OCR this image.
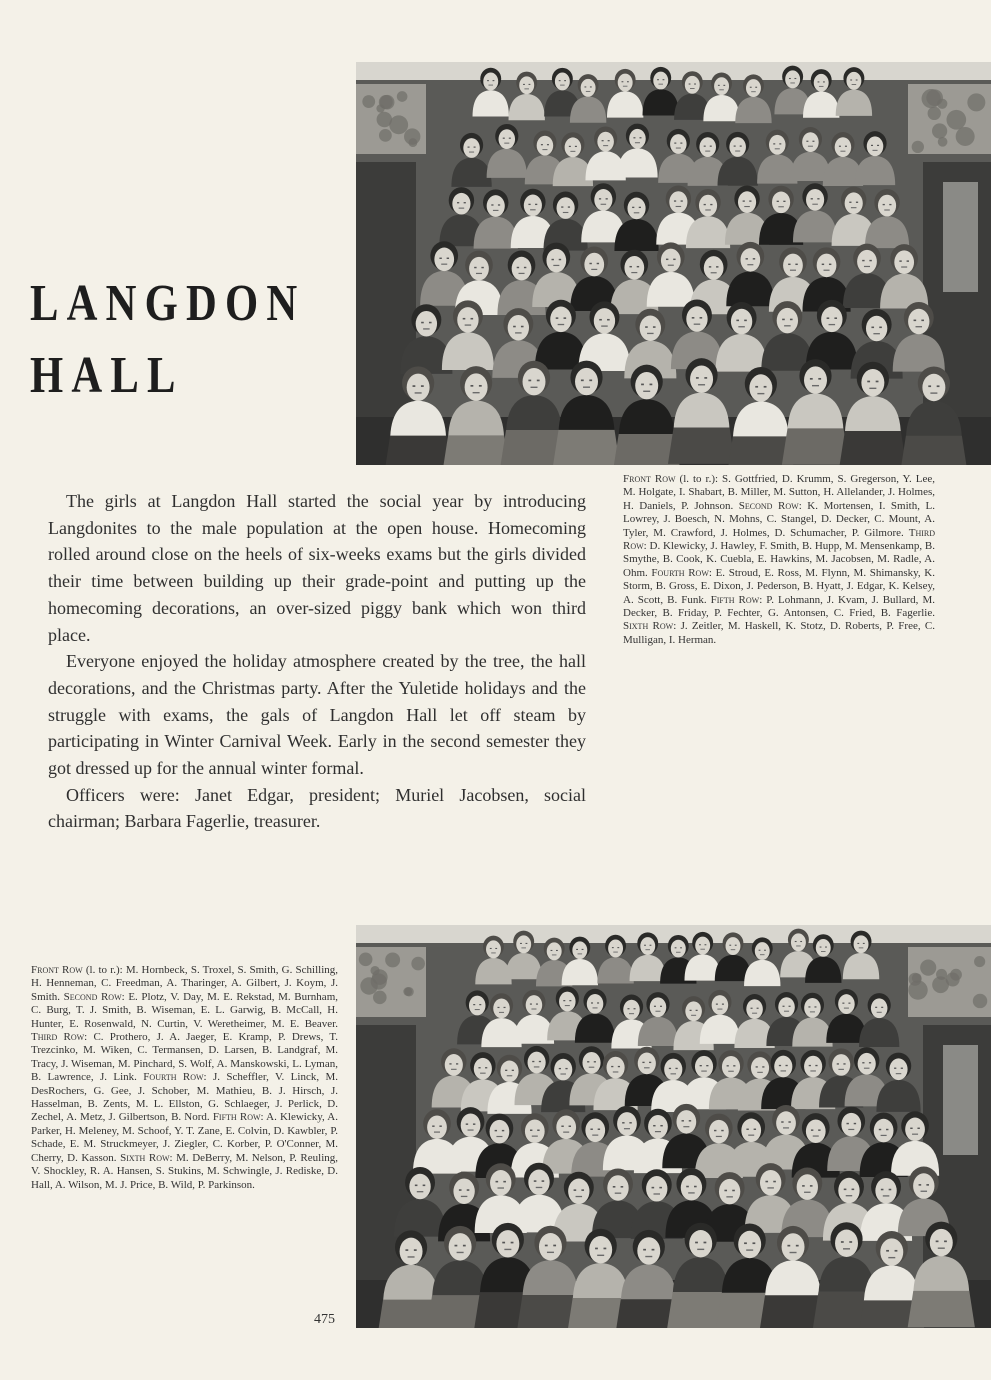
LANGDON
HALL
Front Row (l. to r.): S. Gottfried, D. Krumm, S. Gregerson, Y. Lee, M. Holgate, I. Shabart, B. Miller, M. Sutton, H. Allelander, J. Holmes, H. Daniels, P. Johnson. Second Row: K. Mortensen, I. Smith, L. Lowrey, J. Boesch, N. Mohns, C. Stangel, D. Decker, C. Mount, A. Tyler, M. Crawford, J. Holmes, D. Schumacher, P. Gilmore. Third Row: D. Klewicky, J. Hawley, F. Smith, B. Hupp, M. Mensenkamp, B. Smythe, B. Cook, K. Cuebla, E. Hawkins, M. Jacobsen, M. Radle, A. Ohm. Fourth Row: E. Stroud, E. Ross, M. Flynn, M. Shimansky, K. Storm, B. Gross, E. Dixon, J. Pederson, B. Hyatt, J. Edgar, K. Kelsey, A. Scott, B. Funk. Fifth Row: P. Lohmann, J. Kvam, J. Bullard, M. Decker, B. Friday, P. Fechter, G. Antonsen, C. Fried, B. Fagerlie. Sixth Row: J. Zeitler, M. Haskell, K. Stotz, D. Roberts, P. Free, C. Mulligan, I. Herman.

The girls at Langdon Hall started the social year by introducing Langdonites to the male population at the open house. Homecoming rolled around close on the heels of six-weeks exams but the girls divided their time between building up their grade-point and putting up the homecoming decorations, an over-sized piggy bank which won third place.

Everyone enjoyed the holiday atmosphere created by the tree, the hall decorations, and the Christmas party. After the Yuletide holidays and the struggle with exams, the gals of Langdon Hall let off steam by participating in Winter Carnival Week. Early in the second semester they got dressed up for the annual winter formal.

Officers were: Janet Edgar, president; Muriel Jacobsen, social chairman; Barbara Fagerlie, treasurer.

Front Row (l. to r.): M. Hornbeck, S. Troxel, S. Smith, G. Schilling, H. Henneman, C. Freedman, A. Tharinger, A. Gilbert, J. Koym, J. Smith. Second Row: E. Plotz, V. Day, M. E. Rekstad, M. Burnham, C. Burg, T. J. Smith, B. Wiseman, E. L. Garwig, B. McCall, H. Hunter, E. Rosenwald, N. Curtin, V. Weretheimer, M. E. Beaver. Third Row: C. Prothero, J. A. Jaeger, E. Kramp, P. Drews, T. Trezcinko, M. Wiken, C. Termansen, D. Larsen, B. Landgraf, M. Tracy, J. Wiseman, M. Pinchard, S. Wolf, A. Manskowski, L. Lyman, B. Lawrence, J. Link. Fourth Row: J. Scheffler, V. Linck, M. DesRochers, G. Gee, J. Schober, M. Mathieu, B. J. Hirsch, J. Hasselman, B. Zents, M. L. Ellston, G. Schlaeger, J. Perlick, D. Zechel, A. Metz, J. Gilbertson, B. Nord. Fifth Row: A. Klewicky, A. Parker, H. Meleney, M. Schoof, Y. T. Zane, E. Colvin, D. Kawbler, P. Schade, E. M. Struckmeyer, J. Ziegler, C. Korber, P. O'Conner, M. Cherry, D. Kasson. Sixth Row: M. DeBerry, M. Nelson, P. Reuling, V. Shockley, R. A. Hansen, S. Stukins, M. Schwingle, J. Rediske, D. Hall, A. Wilson, M. J. Price, B. Wild, P. Parkinson.
475
